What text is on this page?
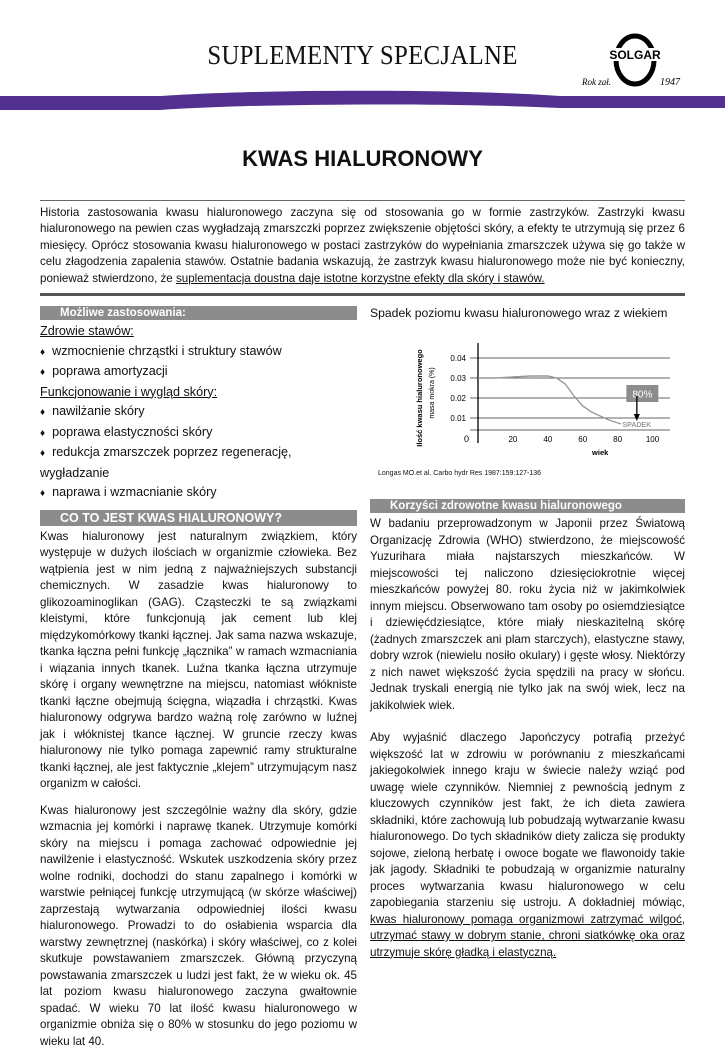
SUPLEMENTY SPECJALNE	SOLGAR
Rok zał.	1947
KWAS HIALURONOWY
Historia zastosowania kwasu hialuronowego zaczyna się od stosowania go w formie zastrzyków. Zastrzyki kwasu hialuronowego na pewien czas wygładzają zmarszczki poprzez zwiększenie objętości skóry, a efekty te utrzymują się przez 6 miesięcy. Oprócz stosowania kwasu hialuronowego w postaci zastrzyków do wypełniania zmarszczek używa się go także w celu złagodzenia zapalenia stawów. Ostatnie badania wskazują, że zastrzyk kwasu hialuronowego może nie być konieczny, ponieważ stwierdzono, że suplementacja doustna daje istotne korzystne efekty dla skóry i stawów.
Możliwe zastosowania:
Zdrowie stawów:
♦ wzmocnienie chrząstki i struktury stawów
♦ poprawa amortyzacji
Funkcjonowanie i wygląd skóry:
♦ nawilżanie skóry
♦ poprawa elastyczności skóry
♦ redukcja zmarszczek poprzez regenerację, wygładzanie
♦ naprawa i wzmacnianie skóry
CO TO JEST KWAS HIALURONOWY?

Kwas hialuronowy jest naturalnym związkiem, który występuje w dużych ilościach w organizmie człowieka. Bez wątpienia jest w nim jedną z najważniejszych substancji chemicznych. W zasadzie kwas hialuronowy to glikozoaminoglikan (GAG). Cząsteczki te są związkami kleistymi, które funkcjonują jak cement lub klej międzykomórkowy tkanki łącznej. Jak sama nazwa wskazuje, tkanka łączna pełni funkcję „łącznika” w ramach wzmacniania i wiązania innych tkanek. Luźna tkanka łączna utrzymuje skórę i organy wewnętrzne na miejscu, natomiast włókniste tkanki łączne obejmują ścięgna, wiązadła i chrząstki. Kwas hialuronowy odgrywa bardzo ważną rolę zarówno w luźnej jak i włóknistej tkance łącznej. W gruncie rzeczy kwas hialuronowy nie tylko pomaga zapewnić ramy strukturalne tkanki łącznej, ale jest faktycznie „klejem” utrzymującym nasz organizm w całości.

Kwas hialuronowy jest szczególnie ważny dla skóry, gdzie wzmacnia jej komórki i naprawę tkanek. Utrzymuje komórki skóry na miejscu i pomaga zachować odpowiednie jej nawilżenie i elastyczność. Wskutek uszkodzenia skóry przez wolne rodniki, dochodzi do stanu zapalnego i komórki w warstwie pełniącej funkcję utrzymującą (w skórze właściwej) zaprzestają wytwarzania odpowiedniej ilości kwasu hialuronowego. Prowadzi to do osłabienia wsparcia dla warstwy zewnętrznej (naskórka) i skóry właściwej, co z kolei skutkuje powstawaniem zmarszczek. Główną przyczyną powstawania zmarszczek u ludzi jest fakt, że w wieku ok. 45 lat poziom kwasu hialuronowego zaczyna gwałtownie spadać. W wieku 70 lat ilość kwasu hialuronowego w organizmie obniża się o 80% w stosunku do jego poziomu w wieku lat 40.

Spadek poziomu kwasu hialuronowego wraz z wiekiem
0.04
0.03
0.02
0.01
0	20	40	60	80	100
wiek
Ilość kwasu hialuronowego masa mokra (%)	80%
SPADEK
Longas MO.et al. Carbo hydr Res 1987:159:127-136
Korzyści zdrowotne kwasu hialuronowego

W badaniu przeprowadzonym w Japonii przez Światową Organizację Zdrowia (WHO) stwierdzono, że miejscowość Yuzurihara miała najstarszych mieszkańców. W miejscowości tej naliczono dziesięciokrotnie więcej mieszkańców powyżej 80. roku życia niż w jakimkolwiek innym miejscu. Obserwowano tam osoby po osiemdziesiątce i dziewięćdziesiątce, które miały nieskazitelną skórę (żadnych zmarszczek ani plam starczych), elastyczne stawy, dobry wzrok (niewielu nosiło okulary) i gęste włosy. Niektórzy z nich nawet większość życia spędzili na pracy w słońcu. Jednak tryskali energią nie tylko jak na swój wiek, lecz na jakikolwiek wiek.

Aby wyjaśnić dlaczego Japończycy potrafią przeżyć większość lat w zdrowiu w porównaniu z mieszkańcami jakiegokolwiek innego kraju w świecie należy wziąć pod uwagę wiele czynników. Niemniej z pewnością jednym z kluczowych czynników jest fakt, że ich dieta zawiera składniki, które zachowują lub pobudzają wytwarzanie kwasu hialuronowego. Do tych składników diety zalicza się produkty sojowe, zieloną herbatę i owoce bogate we flawonoidy takie jak jagody. Składniki te pobudzają w organizmie naturalny proces wytwarzania kwasu hialuronowego w celu zapobiegania starzeniu się ustroju. A dokładniej mówiąc, kwas hialuronowy pomaga organizmowi zatrzymać wilgoć, utrzymać stawy w dobrym stanie, chroni siatkówkę oka oraz utrzymuje skórę gładką i elastyczną.
